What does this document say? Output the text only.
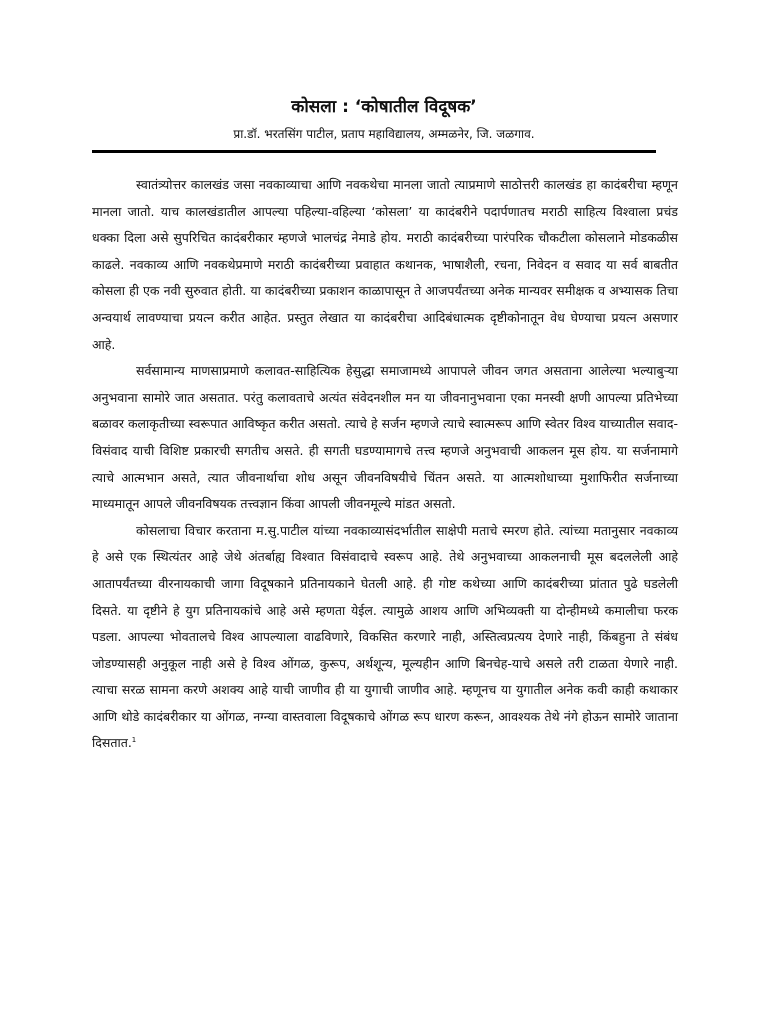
कोसला : ‘कोषातील विदूषक’
प्रा.डॉ. भरतसिंग पाटील, प्रताप महाविद्यालय, अम्मळनेर, जि. जळगाव.

स्वातंत्र्योत्तर कालखंड जसा नवकाव्याचा आणि नवकथेचा मानला जातो त्याप्रमाणे साठोत्तरी कालखंड हा कादंबरीचा म्हणून मानला जातो. याच कालखंडातील आपल्या पहिल्या-वहिल्या ‘कोसला’ या कादंबरीने पदार्पणातच मराठी साहित्य विश्वाला प्रचंड धक्का दिला असे सुपरिचित कादंबरीकार म्हणजे भालचंद्र नेमाडे होय. मराठी कादंबरीच्या पारंपरिक चौकटीला कोसलाने मोडकळीस काढले. नवकाव्य आणि नवकथेप्रमाणे मराठी कादंबरीच्या प्रवाहात कथानक, भाषाशैली, रचना, निवेदन व सवाद या सर्व बाबतीत कोसला ही एक नवी सुरुवात होती. या कादंबरीच्या प्रकाशन काळापासून ते आजपर्यंतच्या अनेक मान्यवर समीक्षक व अभ्यासक तिचा अन्वयार्थ लावण्याचा प्रयत्न करीत आहेत. प्रस्तुत लेखात या कादंबरीचा आदिबंधात्मक दृष्टीकोनातून वेध घेण्याचा प्रयत्न असणार आहे.

सर्वसामान्य माणसाप्रमाणे कलावत-साहित्यिक हेसुद्धा समाजामध्ये आपापले जीवन जगत असताना आलेल्या भल्याबुऱ्या अनुभवाना सामोरे जात असतात. परंतु कलावताचे अत्यंत संवेदनशील मन या जीवनानुभवाना एका मनस्वी क्षणी आपल्या प्रतिभेच्या बळावर कलाकृतीच्या स्वरूपात आविष्कृत करीत असतो. त्याचे हे सर्जन म्हणजे त्याचे स्वात्मरूप आणि स्वेतर विश्व याच्यातील सवाद-विसंवाद याची विशिष्ट प्रकारची सगतीच असते. ही सगती घडण्यामागचे तत्त्व म्हणजे अनुभवाची आकलन मूस होय. या सर्जनामागे त्याचे आत्मभान असते, त्यात जीवनार्थाचा शोध असून जीवनविषयीचे चिंतन असते. या आत्मशोधाच्या मुशाफिरीत सर्जनाच्या माध्यमातून आपले जीवनविषयक तत्त्वज्ञान किंवा आपली जीवनमूल्ये मांडत असतो.

कोसलाचा विचार करताना म.सु.पाटील यांच्या नवकाव्यासंदर्भातील साक्षेपी मताचे स्मरण होते. त्यांच्या मतानुसार नवकाव्य हे असे एक स्थित्यंतर आहे जेथे अंतर्बाह्य विश्वात विसंवादाचे स्वरूप आहे. तेथे अनुभवाच्या आकलनाची मूस बदललेली आहे आतापर्यंतच्या वीरनायकाची जागा विदूषकाने प्रतिनायकाने घेतली आहे. ही गोष्ट कथेच्या आणि कादंबरीच्या प्रांतात पुढे घडलेली दिसते. या दृष्टीने हे युग प्रतिनायकांचे आहे असे म्हणता येईल. त्यामुळे आशय आणि अभिव्यक्ती या दोन्हीमध्ये कमालीचा फरक पडला. आपल्या भोवतालचे विश्व आपल्याला वाढविणारे, विकसित करणारे नाही, अस्तित्वप्रत्यय देणारे नाही, किंबहुना ते संबंध जोडण्यासही अनुकूल नाही असे हे विश्व ओंगळ, कुरूप, अर्थशून्य, मूल्यहीन आणि बिनचेह-याचे असले तरी टाळता येणारे नाही. त्याचा सरळ सामना करणे अशक्य आहे याची जाणीव ही या युगाची जाणीव आहे. म्हणूनच या युगातील अनेक कवी काही कथाकार आणि थोडे कादंबरीकार या ओंगळ, नग्न्या वास्तवाला विदूषकाचे ओंगळ रूप धारण करून, आवश्यक तेथे नंगे होऊन सामोरे जाताना दिसतात.$^1$
